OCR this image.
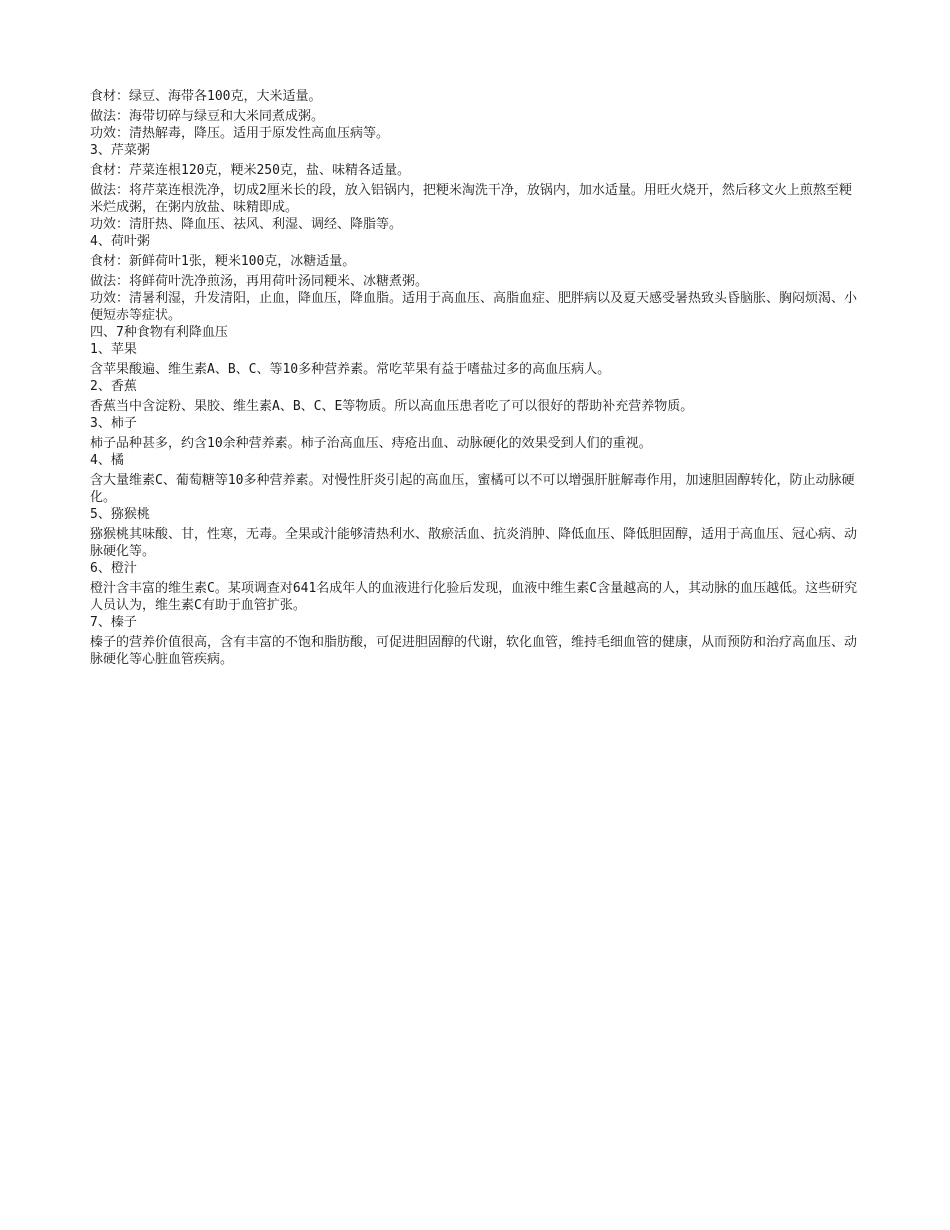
食材：绿豆、海带各100克，大米适量。

做法：海带切碎与绿豆和大米同煮成粥。

功效：清热解毒，降压。适用于原发性高血压病等。

3、芹菜粥

食材：芹菜连根120克，粳米250克，盐、味精各适量。

做法：将芹菜连根洗净，切成2厘米长的段，放入铝锅内，把粳米淘洗干净，放锅内，加水适量。用旺火烧开，然后移文火上煎熬至粳米烂成粥，在粥内放盐、味精即成。

功效：清肝热、降血压、祛风、利湿、调经、降脂等。

4、荷叶粥

食材：新鲜荷叶1张，粳米100克，冰糖适量。

做法：将鲜荷叶洗净煎汤，再用荷叶汤同粳米、冰糖煮粥。

功效：清暑利湿，升发清阳，止血，降血压，降血脂。适用于高血压、高脂血症、肥胖病以及夏天感受暑热致头昏脑胀、胸闷烦渴、小便短赤等症状。

四、7种食物有利降血压

1、苹果

含苹果酸遍、维生素A、B、C、等10多种营养素。常吃苹果有益于嗜盐过多的高血压病人。

2、香蕉

香蕉当中含淀粉、果胶、维生素A、B、C、E等物质。所以高血压患者吃了可以很好的帮助补充营养物质。

3、柿子

柿子品种甚多，约含10余种营养素。柿子治高血压、痔疮出血、动脉硬化的效果受到人们的重视。

4、橘

含大量维素C、葡萄糖等10多种营养素。对慢性肝炎引起的高血压，蜜橘可以不可以增强肝脏解毒作用，加速胆固醇转化，防止动脉硬化。

5、猕猴桃

猕猴桃其味酸、甘，性寒，无毒。全果或汁能够清热利水、散瘀活血、抗炎消肿、降低血压、降低胆固醇，适用于高血压、冠心病、动脉硬化等。

6、橙汁

橙汁含丰富的维生素C。某项调查对641名成年人的血液进行化验后发现，血液中维生素C含量越高的人，其动脉的血压越低。这些研究人员认为，维生素C有助于血管扩张。

7、榛子

榛子的营养价值很高，含有丰富的不饱和脂肪酸，可促进胆固醇的代谢，软化血管，维持毛细血管的健康，从而预防和治疗高血压、动脉硬化等心脏血管疾病。
